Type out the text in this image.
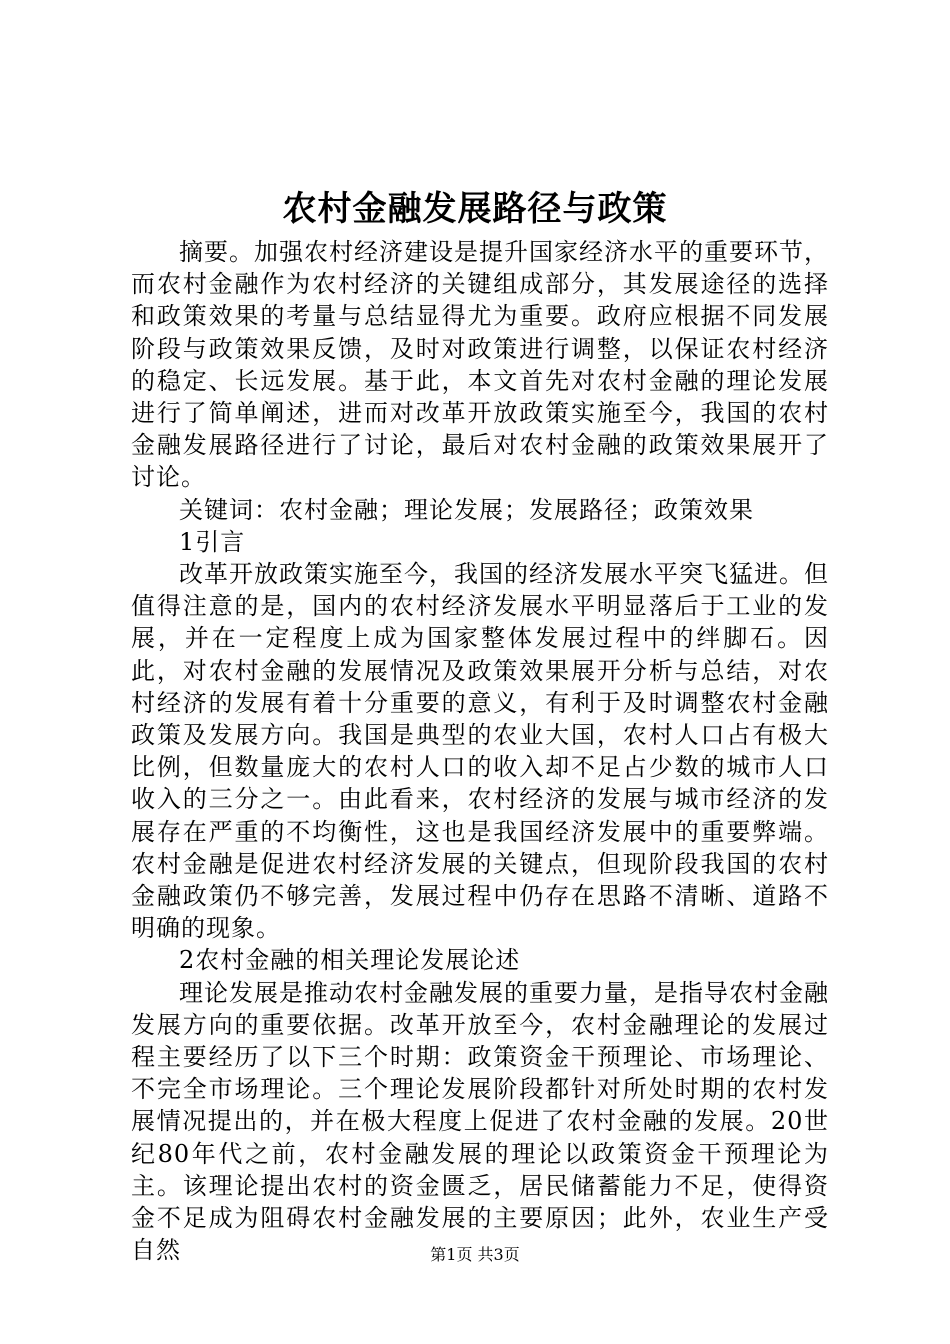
农村金融发展路径与政策

摘要。加强农村经济建设是提升国家经济水平的重要环节，而农村金融作为农村经济的关键组成部分，其发展途径的选择和政策效果的考量与总结显得尤为重要。政府应根据不同发展阶段与政策效果反馈，及时对政策进行调整，以保证农村经济的稳定、长远发展。基于此，本文首先对农村金融的理论发展进行了简单阐述，进而对改革开放政策实施至今，我国的农村金融发展路径进行了讨论，最后对农村金融的政策效果展开了讨论。

关键词：农村金融；理论发展；发展路径；政策效果

1引言

改革开放政策实施至今，我国的经济发展水平突飞猛进。但值得注意的是，国内的农村经济发展水平明显落后于工业的发展，并在一定程度上成为国家整体发展过程中的绊脚石。因此，对农村金融的发展情况及政策效果展开分析与总结，对农村经济的发展有着十分重要的意义，有利于及时调整农村金融政策及发展方向。我国是典型的农业大国，农村人口占有极大比例，但数量庞大的农村人口的收入却不足占少数的城市人口收入的三分之一。由此看来，农村经济的发展与城市经济的发展存在严重的不均衡性，这也是我国经济发展中的重要弊端。农村金融是促进农村经济发展的关键点，但现阶段我国的农村金融政策仍不够完善，发展过程中仍存在思路不清晰、道路不明确的现象。

2农村金融的相关理论发展论述

理论发展是推动农村金融发展的重要力量，是指导农村金融发展方向的重要依据。改革开放至今，农村金融理论的发展过程主要经历了以下三个时期：政策资金干预理论、市场理论、不完全市场理论。三个理论发展阶段都针对所处时期的农村发展情况提出的，并在极大程度上促进了农村金融的发展。20世纪80年代之前，农村金融发展的理论以政策资金干预理论为主。该理论提出农村的资金匮乏，居民储蓄能力不足，使得资金不足成为阻碍农村金融发展的主要原因；此外，农业生产受自然	第1页 共3页
